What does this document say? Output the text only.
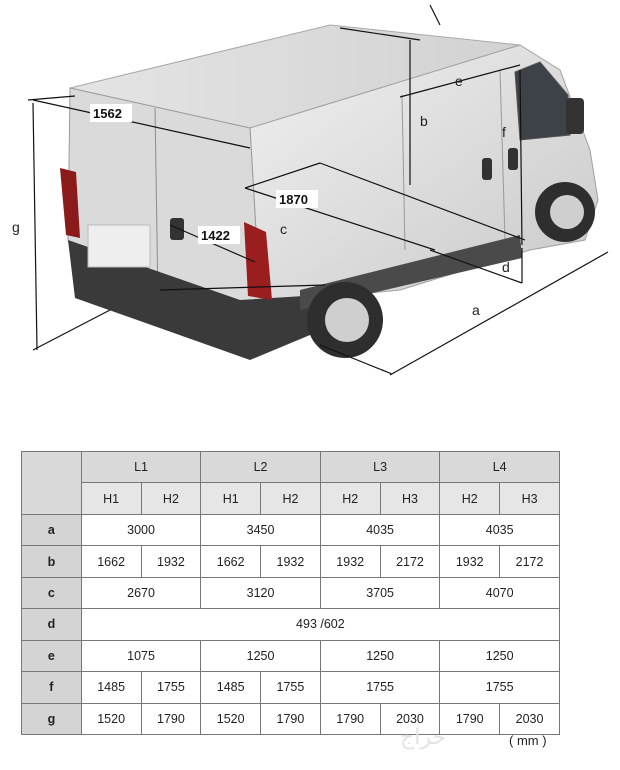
g
b
e
f
c
d
a
1562
1870
1422
	L1		L2		L3		L4	
	H1	H2	H1	H2	H2	H3	H2	H3
a	3000		3450		4035		4035	
b	1662	1932	1662	1932	1932	2172	1932	2172
c	2670		3120		3705		4070	
d	493 /602							
e	1075		1250		1250		1250	
f	1485	1755	1485	1755	1755		1755	
g	1520	1790	1520	1790	1790	2030	1790	2030
ﺣﺮﺍﺝ	( mm )
